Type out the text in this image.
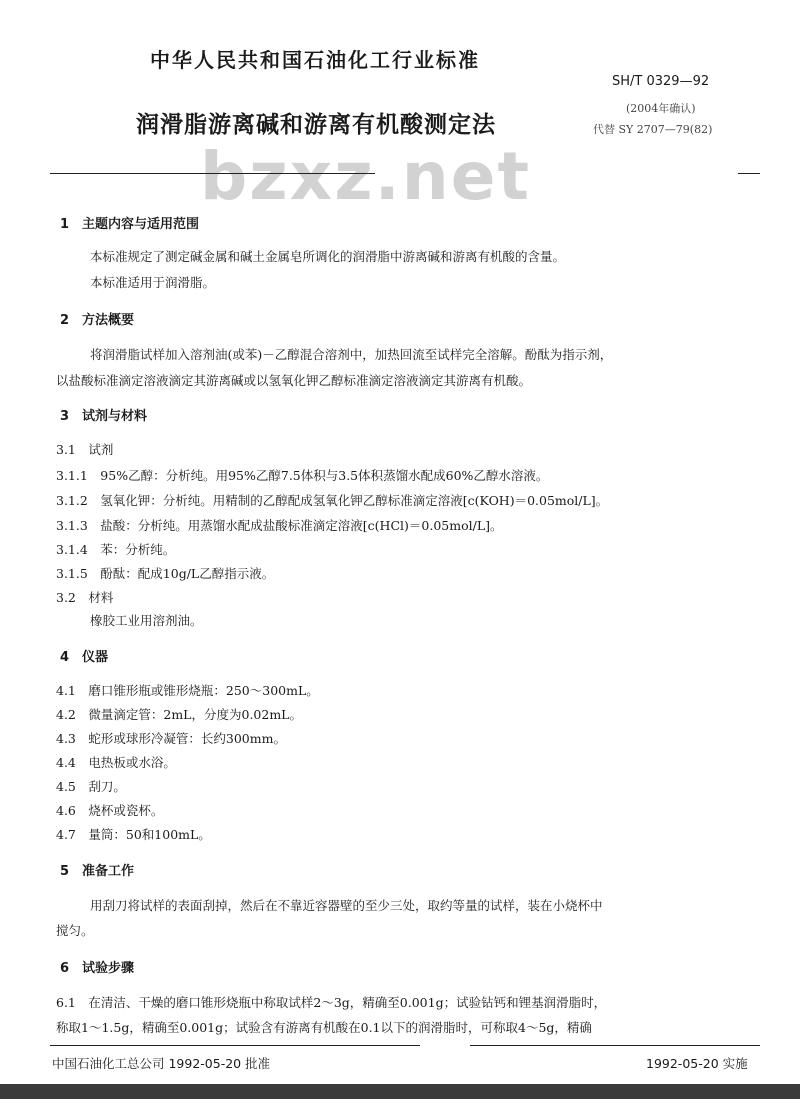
中华人民共和国石油化工行业标准
SH/T 0329—92
(2004年确认)
代替 SY 2707—79(82)
润滑脂游离碱和游离有机酸测定法
bzxz.net
1　主题内容与适用范围
本标准规定了测定碱金属和碱土金属皂所调化的润滑脂中游离碱和游离有机酸的含量。
本标准适用于润滑脂。
2　方法概要
将润滑脂试样加入溶剂油(或苯)－乙醇混合溶剂中，加热回流至试样完全溶解。酚酞为指示剂，
以盐酸标准滴定溶液滴定其游离碱或以氢氧化钾乙醇标准滴定溶液滴定其游离有机酸。
3　试剂与材料
3.1　试剂
3.1.1　95%乙醇：分析纯。用95%乙醇7.5体积与3.5体积蒸馏水配成60%乙醇水溶液。
3.1.2　氢氧化钾：分析纯。用精制的乙醇配成氢氧化钾乙醇标准滴定溶液[c(KOH)＝0.05mol/L]。
3.1.3　盐酸：分析纯。用蒸馏水配成盐酸标准滴定溶液[c(HCl)＝0.05mol/L]。
3.1.4　苯：分析纯。
3.1.5　酚酞：配成10g/L乙醇指示液。
3.2　材料
橡胶工业用溶剂油。
4　仪器
4.1　磨口锥形瓶或锥形烧瓶：250～300mL。
4.2　微量滴定管：2mL，分度为0.02mL。
4.3　蛇形或球形冷凝管：长约300mm。
4.4　电热板或水浴。
4.5　刮刀。
4.6　烧杯或瓷杯。
4.7　量筒：50和100mL。
5　准备工作
用刮刀将试样的表面刮掉，然后在不靠近容器壁的至少三处，取约等量的试样，装在小烧杯中
搅匀。
6　试验步骤
6.1　在清洁、干燥的磨口锥形烧瓶中称取试样2～3g，精确至0.001g；试验钻钙和锂基润滑脂时，
称取1～1.5g，精确至0.001g；试验含有游离有机酸在0.1以下的润滑脂时，可称取4～5g，精确
中国石油化工总公司 1992-05-20 批准	1992-05-20 实施
